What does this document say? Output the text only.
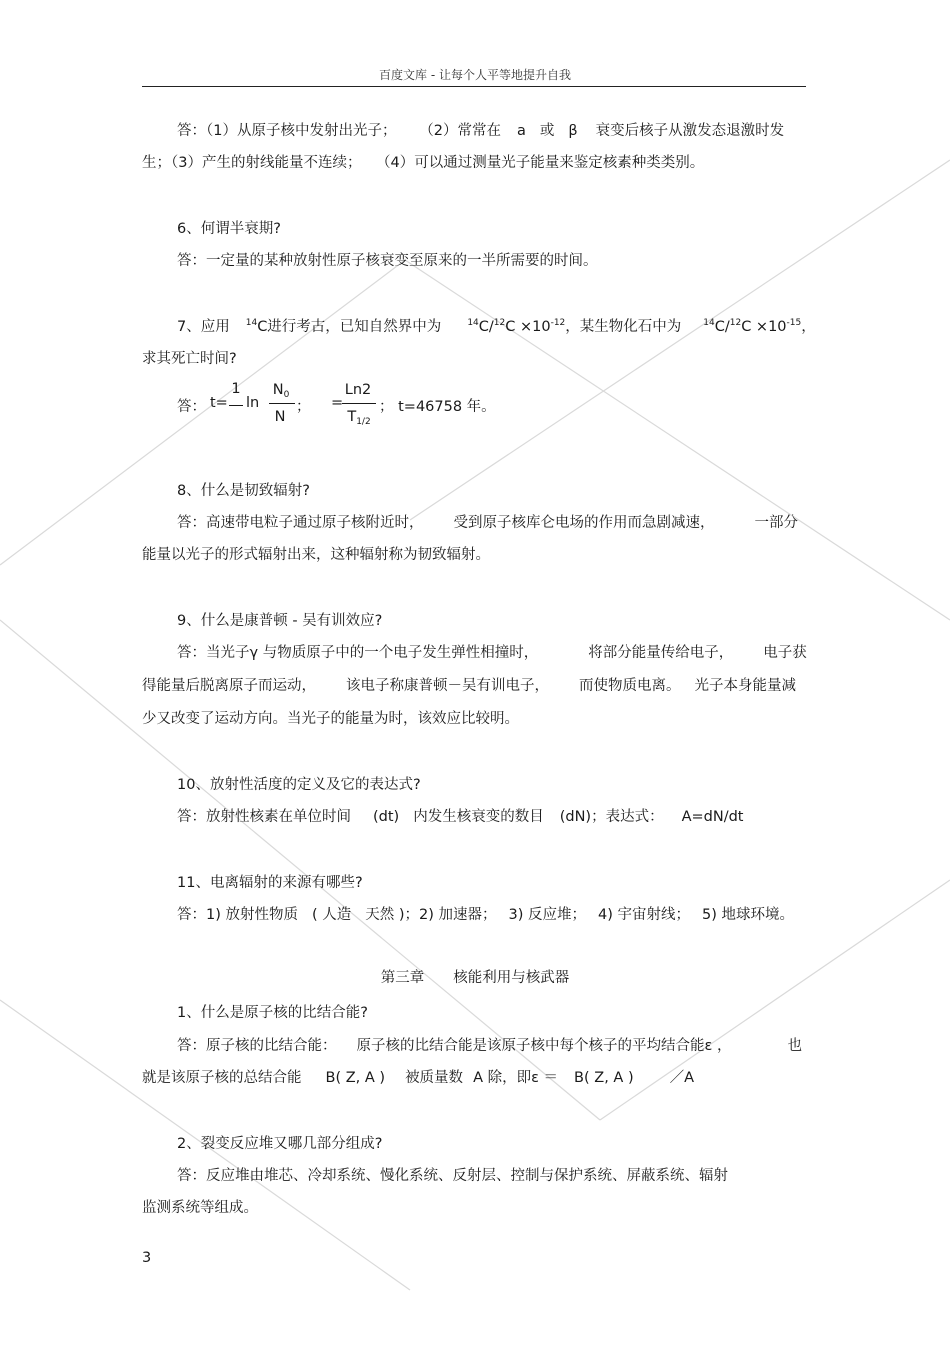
百度文库 - 让每个人平等地提升自我
答：（1）从原子核中发射出光子； （2）常常在 a 或 β 衰变后核子从激发态退激时发
生；（3）产生的射线能量不连续；　　（4）可以通过测量光子能量来鉴定核素种类类别。
6、何谓半衰期?
答：一定量的某种放射性原子核衰变至原来的一半所需要的时间。
7、应用 $^{14}$C进行考古，已知自然界中为	$^{14}C/^{12}C \times 10^{-12}$，某生物化石中为 $^{14}C/^{12}C \times 10^{-15}$，
求其死亡时间?
答： t=
1
ln
$N_0$
N
； =
Ln2
$T_{1/2}$
； t=46758 年。
8、什么是韧致辐射?
答：高速带电粒子通过原子核附近时， 受到原子核库仑电场的作用而急剧减速，	一部分
能量以光子的形式辐射出来，这种辐射称为韧致辐射。
9、什么是康普顿 - 吴有训效应?
答：当光子γ 与物质原子中的一个电子发生弹性相撞时，	将部分能量传给电子， 电子获
得能量后脱离原子而运动， 该电子称康普顿－吴有训电子， 而使物质电离。 光子本身能量减
少又改变了运动方向。当光子的能量为时，该效应比较明。
10、放射性活度的定义及它的表达式?
答：放射性核素在单位时间 (dt) 内发生核衰变的数目 (dN)；表达式： A=dN/dt
11、电离辐射的来源有哪些?
答：1) 放射性物质 ( 人造 天然 )；2) 加速器； 3) 反应堆； 4) 宇宙射线； 5) 地球环境。
第三章　　核能利用与核武器
1、什么是原子核的比结合能?
答：原子核的比结合能： 原子核的比结合能是该原子核中每个核子的平均结合能ε ，	也
就是该原子核的总结合能 B( Z, A ) 被质量数 A 除，即ε ＝ B( Z, A ) ／A
2、裂变反应堆又哪几部分组成?
答：反应堆由堆芯、冷却系统、慢化系统、反射层、控制与保护系统、屏蔽系统、辐射
监测系统等组成。
3
